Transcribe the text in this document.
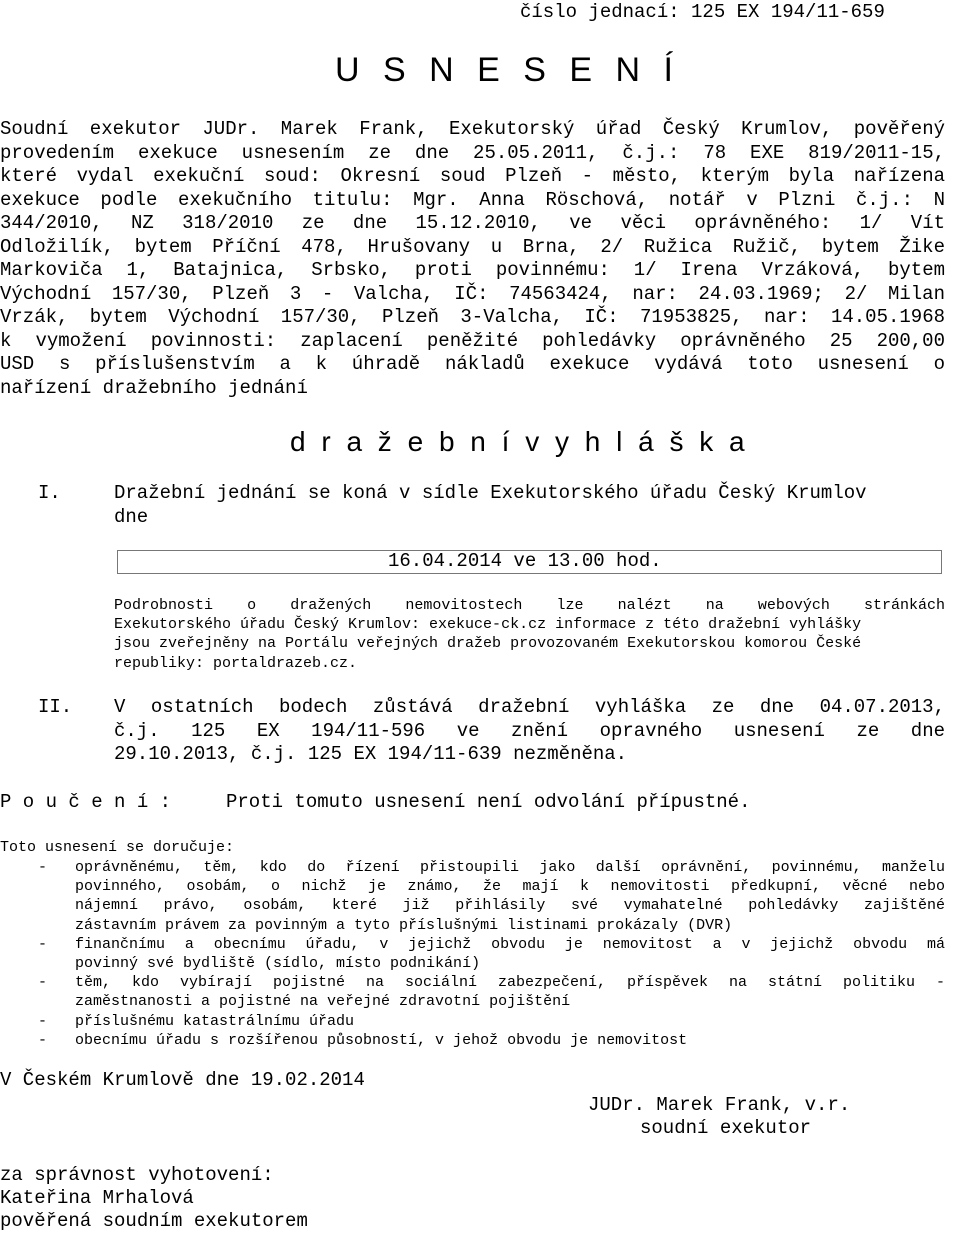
číslo jednací: 125 EX 194/11-659
U S N E S E N Í
Soudní exekutor JUDr. Marek Frank, Exekutorský úřad Český Krumlov, pověřený
provedením exekuce usnesením ze dne 25.05.2011, č.j.: 78 EXE 819/2011-15,
které vydal exekuční soud: Okresní soud Plzeň - město, kterým byla nařízena
exekuce podle exekučního titulu: Mgr. Anna Röschová, notář v Plzni č.j.: N
344/2010, NZ 318/2010 ze dne 15.12.2010, ve věci oprávněného: 1/ Vít
Odložilík, bytem Příční 478, Hrušovany u Brna, 2/ Ružica Ružič, bytem Žike
Markoviča 1, Batajnica, Srbsko, proti povinnému: 1/ Irena Vrzáková, bytem
Východní 157/30, Plzeň 3 - Valcha, IČ: 74563424, nar: 24.03.1969; 2/ Milan
Vrzák, bytem Východní 157/30, Plzeň 3-Valcha, IČ: 71953825, nar: 14.05.1968
k vymožení povinnosti: zaplacení peněžité pohledávky oprávněného 25 200,00
USD s příslušenstvím a k úhradě nákladů exekuce vydává toto usnesení o
nařízení dražebního jednání
d r a ž e b n í v y h l á š k a
I.	Dražební jednání se koná v sídle Exekutorského úřadu Český Krumlov
dne
16.04.2014 ve 13.00 hod.
Podrobnosti o dražených nemovitostech lze nalézt na webových stránkách
Exekutorského úřadu Český Krumlov: exekuce-ck.cz informace z této dražební vyhlášky
jsou zveřejněny na Portálu veřejných dražeb provozovaném Exekutorskou komorou České
republiky: portaldrazeb.cz.
II. V ostatních bodech zůstává dražební vyhláška ze dne 04.07.2013,
č.j. 125 EX 194/11-596 ve znění opravného usnesení ze dne
29.10.2013, č.j. 125 EX 194/11-639 nezměněna.
P o u č e n í :	Proti tomuto usnesení není odvolání přípustné.
Toto usnesení se doručuje:
-	oprávněnému, těm, kdo do řízení přistoupili jako další oprávnění, povinnému, manželu
povinného, osobám, o nichž je známo, že mají k nemovitosti předkupní, věcné nebo
nájemní právo, osobám, které již přihlásily své vymahatelné pohledávky zajištěné
zástavním právem za povinným a tyto příslušnými listinami prokázaly (DVR)
-	finančnímu a obecnímu úřadu, v jejichž obvodu je nemovitost a v jejichž obvodu má
povinný své bydliště (sídlo, místo podnikání)
-	těm, kdo vybírají pojistné na sociální zabezpečení, příspěvek na státní politiku -
zaměstnanosti a pojistné na veřejné zdravotní pojištění
-	příslušnému katastrálnímu úřadu
-	obecnímu úřadu s rozšířenou působností, v jehož obvodu je nemovitost
V Českém Krumlově dne 19.02.2014
JUDr. Marek Frank, v.r.
soudní exekutor
za správnost vyhotovení:
Kateřina Mrhalová
pověřená soudním exekutorem
